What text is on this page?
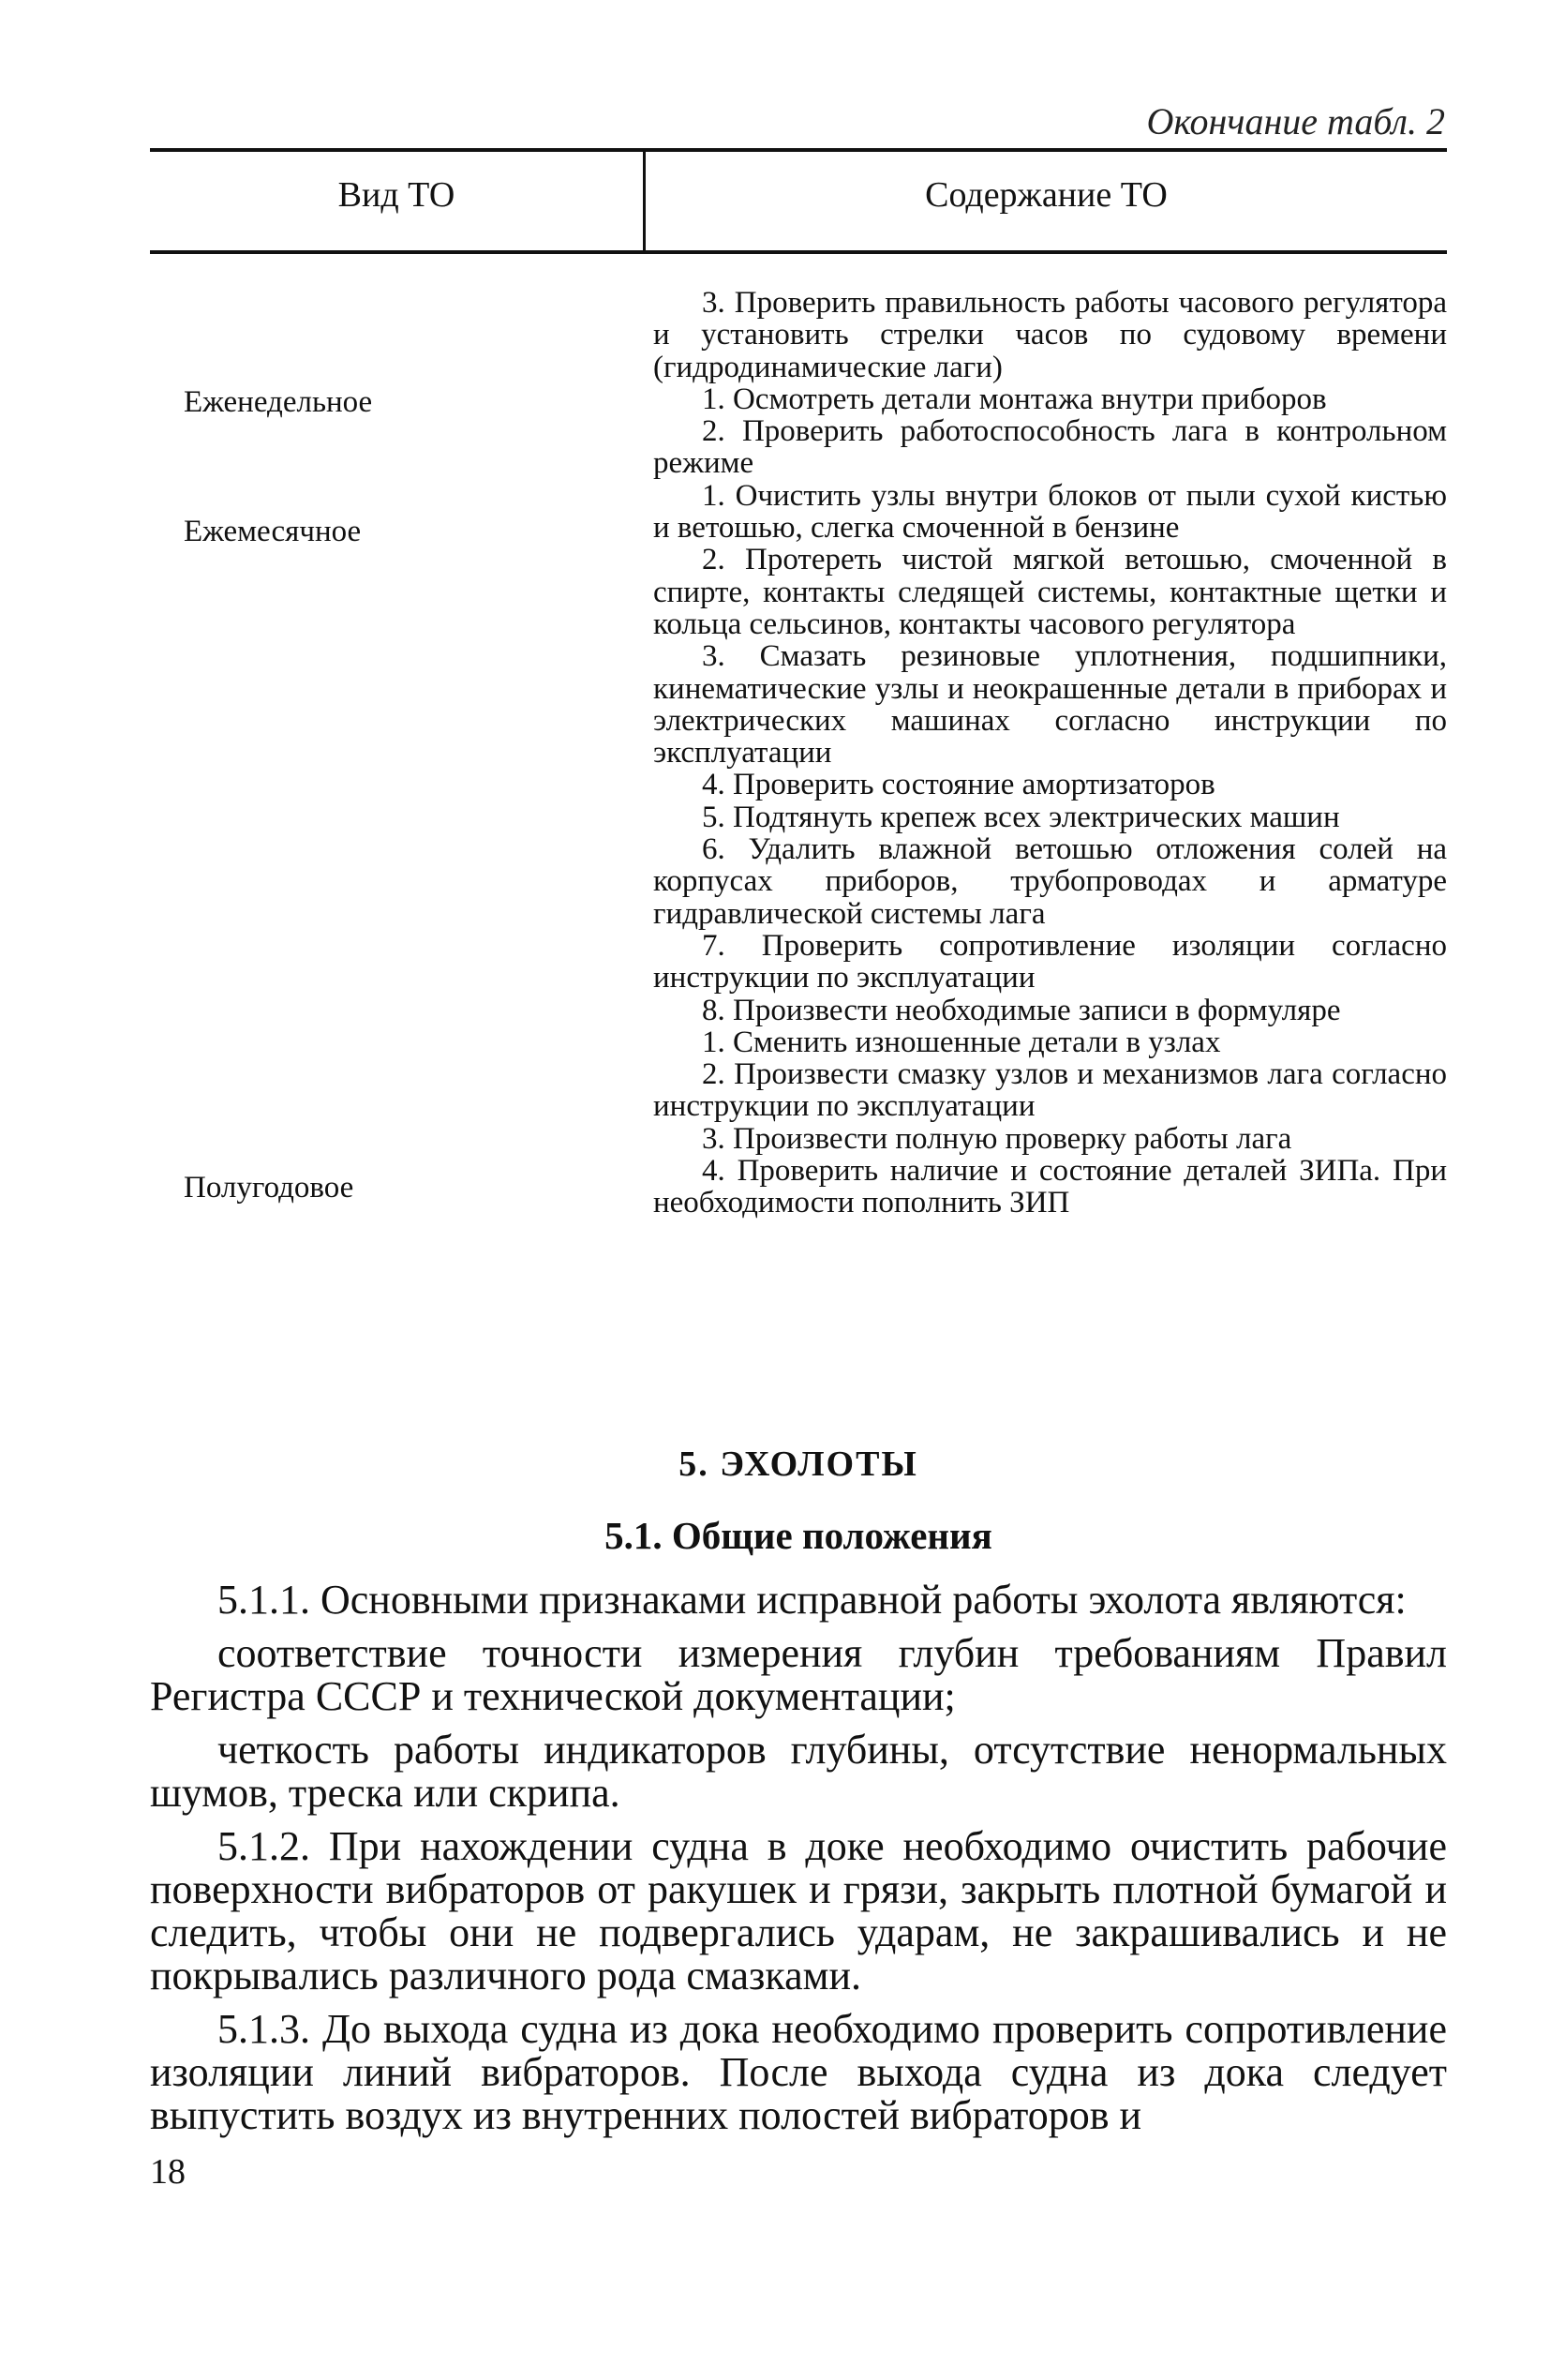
Окончание табл. 2
Вид ТО	Содержание ТО
Еженедельное
Ежемесячное
Полугодовое

3. Проверить правильность работы часового регулятора и установить стрелки часов по судовому времени (гидродинамические лаги)

1. Осмотреть детали монтажа внутри приборов

2. Проверить работоспособность лага в контрольном режиме

1. Очистить узлы внутри блоков от пыли сухой кистью и ветошью, слегка смоченной в бензине

2. Протереть чистой мягкой ветошью, смоченной в спирте, контакты следящей системы, контактные щетки и кольца сельсинов, контакты часового регулятора

3. Смазать резиновые уплотнения, подшипники, кинематические узлы и неокрашенные детали в приборах и электрических машинах согласно инструкции по эксплуатации

4. Проверить состояние амортизаторов

5. Подтянуть крепеж всех электрических машин

6. Удалить влажной ветошью отложения солей на корпусах приборов, трубопроводах и арматуре гидравлической системы лага

7. Проверить сопротивление изоляции согласно инструкции по эксплуатации

8. Произвести необходимые записи в формуляре

1. Сменить изношенные детали в узлах

2. Произвести смазку узлов и механизмов лага согласно инструкции по эксплуатации

3. Произвести полную проверку работы лага

4. Проверить наличие и состояние деталей ЗИПа. При необходимости пополнить ЗИП

5. ЭХОЛОТЫ
5.1. Общие положения

5.1.1. Основными признаками исправной работы эхолота являются:

соответствие точности измерения глубин требованиям Правил Регистра СССР и технической документации;

четкость работы индикаторов глубины, отсутствие ненормальных шумов, треска или скрипа.

5.1.2. При нахождении судна в доке необходимо очистить рабочие поверхности вибраторов от ракушек и грязи, закрыть плотной бумагой и следить, чтобы они не подвергались ударам, не закрашивались и не покрывались различного рода смазками.

5.1.3. До выхода судна из дока необходимо проверить сопротивление изоляции линий вибраторов. После выхода судна из дока следует выпустить воздух из внутренних полостей вибраторов и

18
